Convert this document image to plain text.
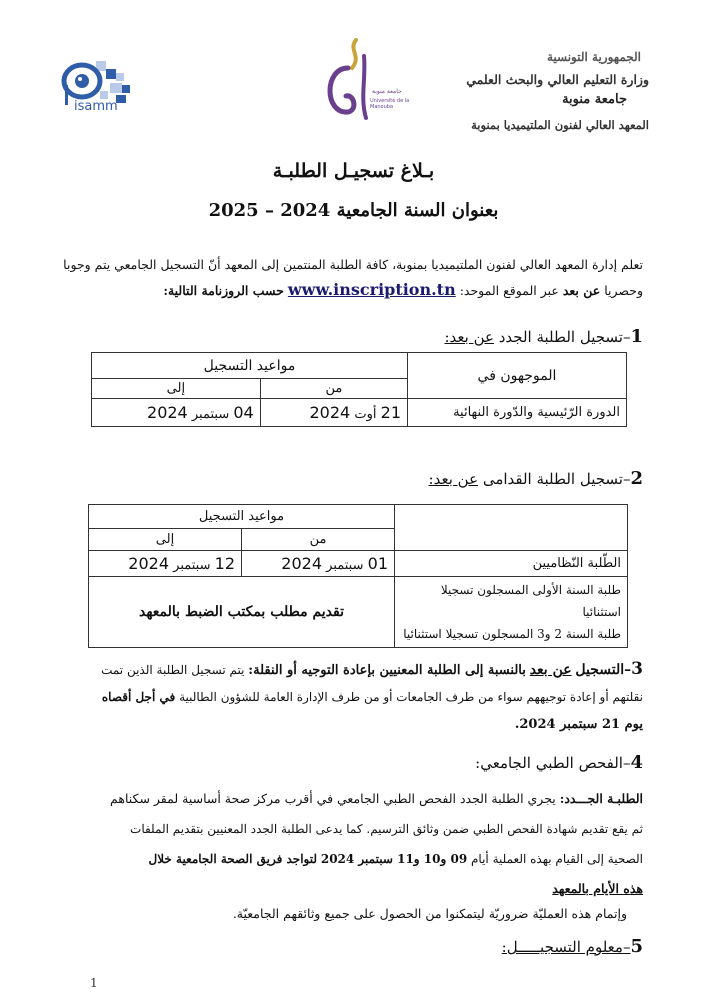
isamm
جامعة منوبة
Université de la Manouba
الجمهورية التونسية
وزارة التعليم العالي والبحث العلمي
جامعة منوبة
المعهد العالي لفنون الملتيميديا بمنوبة
بـلاغ تسجيـل الطلبـة
بعنوان السنة الجامعية 2024 – 2025
تعلم إدارة المعهد العالي لفنون الملتيميديا بمنوبة، كافة الطلبة المنتمين إلى المعهد أنّ التسجيل الجامعي يتم وجوبا
وحصريا عن بعد عبر الموقع الموحد: www.inscription.tn حسب الروزنامة التالية:
1–تسجيل الطلبة الجدد عن بعد:
الموجهون في	مواعيد التسجيل	
	من	إلى
الدورة الرّئيسية والدّورة النهائية	21 أوت 2024	04 سبتمبر 2024
2–تسجيل الطلبة القدامى عن بعد:
	مواعيد التسجيل	
	من	إلى
الطّلبة النّظاميين	01 سبتمبر 2024	12 سبتمبر 2024

طلبة السنة الأولى المسجلون تسجيلا استثنائيا
طلبة السنة 2 و3 المسجلون تسجيلا استثنائيا	تقديم مطلب بمكتب الضبط بالمعهد	
3–التسجيل عن بعد بالنسبة إلى الطلبة المعنيين بإعادة التوجيه أو النقلة: يتم تسجيل الطلبة الذين تمت
نقلتهم أو إعادة توجيههم سواء من طرف الجامعات أو من طرف الإدارة العامة للشؤون الطالبية في أجل أقصاه
يوم 21 سبتمبر 2024.
4–الفحص الطبي الجامعي:
الطلبـة الجـــدد: يجري الطلبة الجدد الفحص الطبي الجامعي في أقرب مركز صحة أساسية لمقر سكناهم
ثم يقع تقديم شهادة الفحص الطبي ضمن وثائق الترسيم. كما يدعى الطلبة الجدد المعنيين بتقديم الملفات
الصحية إلى القيام بهذه العملية أيام 09 و10 و11 سبتمبر 2024 لتواجد فريق الصحة الجامعية خلال
هذه الأيام بالمعهد
وإتمام هذه العمليّة ضروريّة ليتمكنوا من الحصول على جميع وثائقهم الجامعيّة.
5–معلوم التسجيـــــل:
1
